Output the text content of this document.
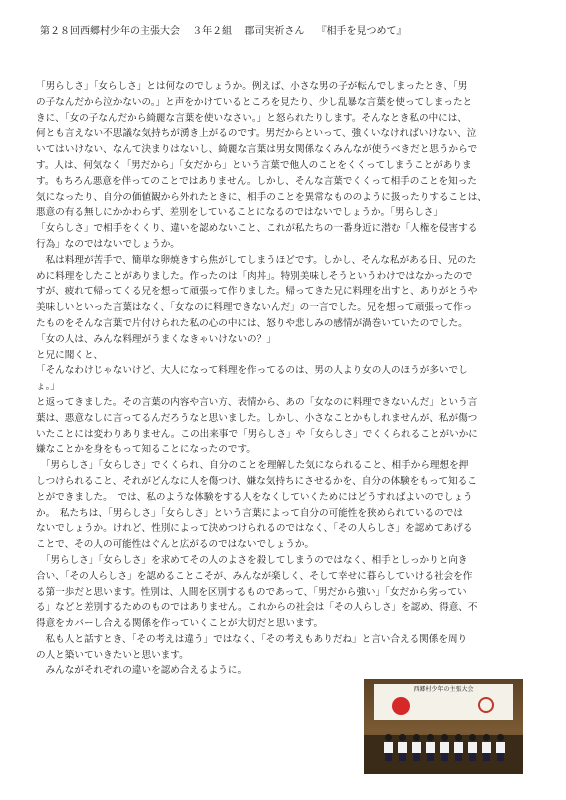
第２８回西郷村少年の主張大会 ３年２組 郡司実祈さん 『相手を見つめて』
「男らしさ」「女らしさ」とは何なのでしょうか。例えば、小さな男の子が転んでしまったとき、「男
の子なんだから泣かないの。」と声をかけているところを見たり、少し乱暴な言葉を使ってしまったと
きに、「女の子なんだから綺麗な言葉を使いなさい。」と怒られたりします。そんなとき私の中には、
何とも言えない不思議な気持ちが湧き上がるのです。男だからといって、強くいなければいけない、泣
いてはいけない、なんて決まりはないし、綺麗な言葉は男女関係なくみんなが使うべきだと思うからで
す。人は、何気なく「男だから」「女だから」という言葉で他人のことをくくってしまうことがありま
す。もちろん悪意を伴ってのことではありません。しかし、そんな言葉でくくって相手のことを知った
気になったり、自分の価値観から外れたときに、相手のことを異常なもののように扱ったりすることは、
悪意の有る無しにかかわらず、差別をしていることになるのではないでしょうか。「男らしさ」
「女らしさ」で相手をくくり、違いを認めないこと、これが私たちの一番身近に潜む「人権を侵害する
行為」なのではないでしょうか。
　私は料理が苦手で、簡単な卵焼きすら焦がしてしまうほどです。しかし、そんな私がある日、兄のた
めに料理をしたことがありました。作ったのは「肉丼」。特別美味しそうというわけではなかったので
すが、疲れて帰ってくる兄を想って頑張って作りました。帰ってきた兄に料理を出すと、ありがとうや
美味しいといった言葉はなく、「女なのに料理できないんだ」の一言でした。兄を想って頑張って作っ
たものをそんな言葉で片付けられた私の心の中には、怒りや悲しみの感情が渦巻いていたのでした。
「女の人は、みんな料理がうまくなきゃいけないの？」
と兄に聞くと、
「そんなわけじゃないけど、大人になって料理を作ってるのは、男の人より女の人のほうが多いでし
ょ。」
と返ってきました。その言葉の内容や言い方、表情から、あの「女なのに料理できないんだ」という言
葉は、悪意なしに言ってるんだろうなと思いました。しかし、小さなことかもしれませんが、私が傷つ
いたことには変わりありません。この出来事で「男らしさ」や「女らしさ」でくくられることがいかに
嫌なことかを身をもって知ることになったのです。
　「男らしさ」「女らしさ」でくくられ、自分のことを理解した気になられること、相手から理想を押
しつけられること、それがどんなに人を傷つけ、嫌な気持ちにさせるかを、自分の体験をもって知るこ
とができました。　では、私のような体験をする人をなくしていくためにはどうすればよいのでしょう
か。　私たちは、「男らしさ」「女らしさ」という言葉によって自分の可能性を狭められているのでは
ないでしょうか。けれど、性別によって決めつけられるのではなく、「その人らしさ」を認めてあげる
ことで、その人の可能性はぐんと広がるのではないでしょうか。
　「男らしさ」「女らしさ」を求めてその人のよさを殺してしまうのではなく、相手としっかりと向き
合い、「その人らしさ」を認めることこそが、みんなが楽しく、そして幸せに暮らしていける社会を作
る第一歩だと思います。性別は、人間を区別するものであって、「男だから強い」「女だから劣ってい
る」などと差別するためのものではありません。これからの社会は「その人らしさ」を認め、得意、不
得意をカバーし合える関係を作っていくことが大切だと思います。
　私も人と話すとき、「その考えは違う」ではなく、「その考えもありだね」と言い合える関係を周り
の人と築いていきたいと思います。
　みんながそれぞれの違いを認め合えるように。
西郷村少年の主張大会
